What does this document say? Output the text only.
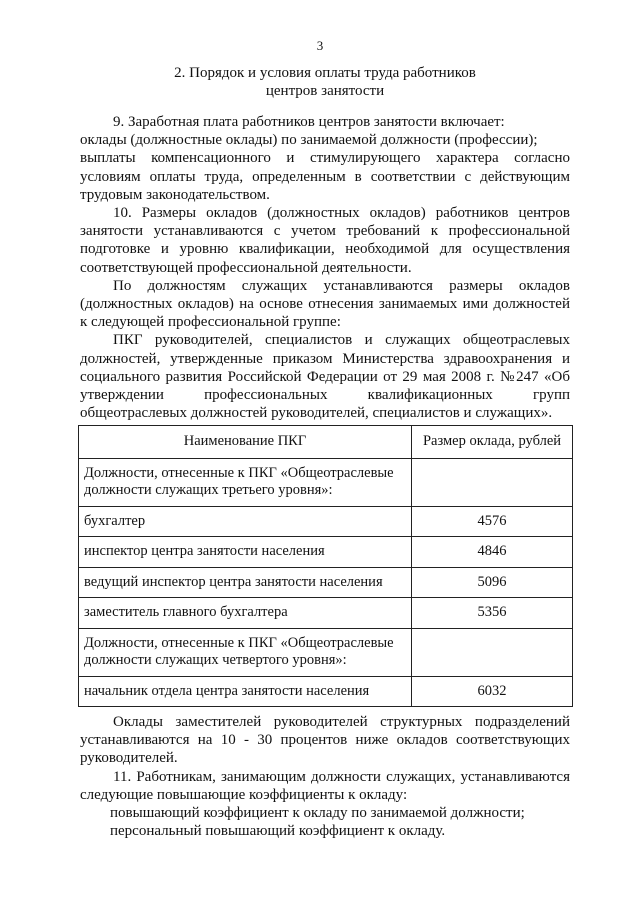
3
2. Порядок и условия оплаты труда работников
центров занятости

9. Заработная плата работников центров занятости включает:

оклады (должностные оклады) по занимаемой должности (профессии);

выплаты компенсационного и стимулирующего характера согласно условиям оплаты труда, определенным в соответствии с действующим трудовым законодательством.

10. Размеры окладов (должностных окладов) работников центров занятости устанавливаются с учетом требований к профессиональной подготовке и уровню квалификации, необходимой для осуществления соответствующей профессиональной деятельности.

По должностям служащих устанавливаются размеры окладов (должностных окладов) на основе отнесения занимаемых ими должностей к следующей профессиональной группе:

ПКГ руководителей, специалистов и служащих общеотраслевых должностей, утвержденные приказом Министерства здравоохранения и социального развития Российской Федерации от 29 мая 2008 г. №247 «Об утверждении профессиональных квалификационных групп общеотраслевых должностей руководителей, специалистов и служащих».

Наименование ПКГ	Размер оклада, рублей
Должности, отнесенные к ПКГ «Общеотраслевые должности служащих третьего уровня»:	
бухгалтер	4576
инспектор центра занятости населения	4846
ведущий инспектор центра занятости населения	5096
заместитель главного бухгалтера	5356
Должности, отнесенные к ПКГ «Общеотраслевые должности служащих четвертого уровня»:	
начальник отдела центра занятости населения	6032

Оклады заместителей руководителей структурных подразделений устанавливаются на 10 - 30 процентов ниже окладов соответствующих руководителей.

11. Работникам, занимающим должности служащих, устанавливаются следующие повышающие коэффициенты к окладу:

повышающий коэффициент к окладу по занимаемой должности;

персональный повышающий коэффициент к окладу.
